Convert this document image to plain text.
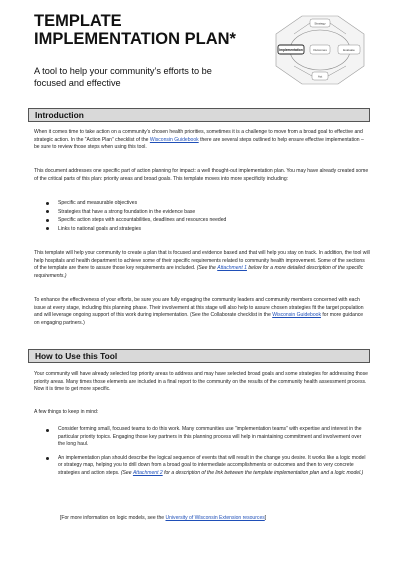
TEMPLATE
IMPLEMENTATION PLAN*
A tool to help your community’s efforts to be focused and effective
Strategy
Implementation	Outcomes	Evaluate
Act
Introduction

When it comes time to take action on a community’s chosen health priorities, sometimes it is a challenge to move from a broad goal to effective and strategic action. In the “Action Plan” checklist of the Wisconsin Guidebook there are several steps outlined to help ensure effective implementation – be sure to review those steps when using this tool.

This document addresses one specific part of action planning for impact: a well thought-out implementation plan. You may have already created some of the critical parts of this plan: priority areas and broad goals. This template moves into more specificity including:
Specific and measurable objectives
Strategies that have a strong foundation in the evidence base
Specific action steps with accountabilities, deadlines and resources needed
Links to national goals and strategies

This template will help your community to create a plan that is focused and evidence based and that will help you stay on track. In addition, the tool will help hospitals and health department to achieve some of their specific requirements related to community health improvement. Some of the sections of the template are there to assure those key requirements are included. (See the Attachment 1 below for a more detailed description of the specific requirements.)

To enhance the effectiveness of your efforts, be sure you are fully engaging the community leaders and community members concerned with each issue at every stage, including this planning phase. Their involvement at this stage will also help to assure chosen strategies fit the target population and will leverage ongoing support of this work during implementation. (See the Collaborate checklist in the Wisconsin Guidebook for more guidance on engaging partners.)

How to Use this Tool
Your community will have already selected top priority areas to address and may have selected broad goals and some strategies for addressing those priority areas. Many times those elements are included in a final report to the community on the results of the community health assessment process. Now it is time to get more specific.
A few things to keep in mind:
Consider forming small, focused teams to do this work. Many communities use “implementation teams” with expertise and interest in the particular priority topics. Engaging those key partners in this planning process will help in maintaining commitment and involvement over the long haul.
An implementation plan should describe the logical sequence of events that will result in the change you desire. It works like a logic model or strategy map, helping you to drill down from a broad goal to intermediate accomplishments or outcomes and then to very concrete strategies and action steps. (See Attachment 2 for a description of the link between the template implementation plan and a logic model.)

[For more information on logic models, see the University of Wisconsin Extension resources]
